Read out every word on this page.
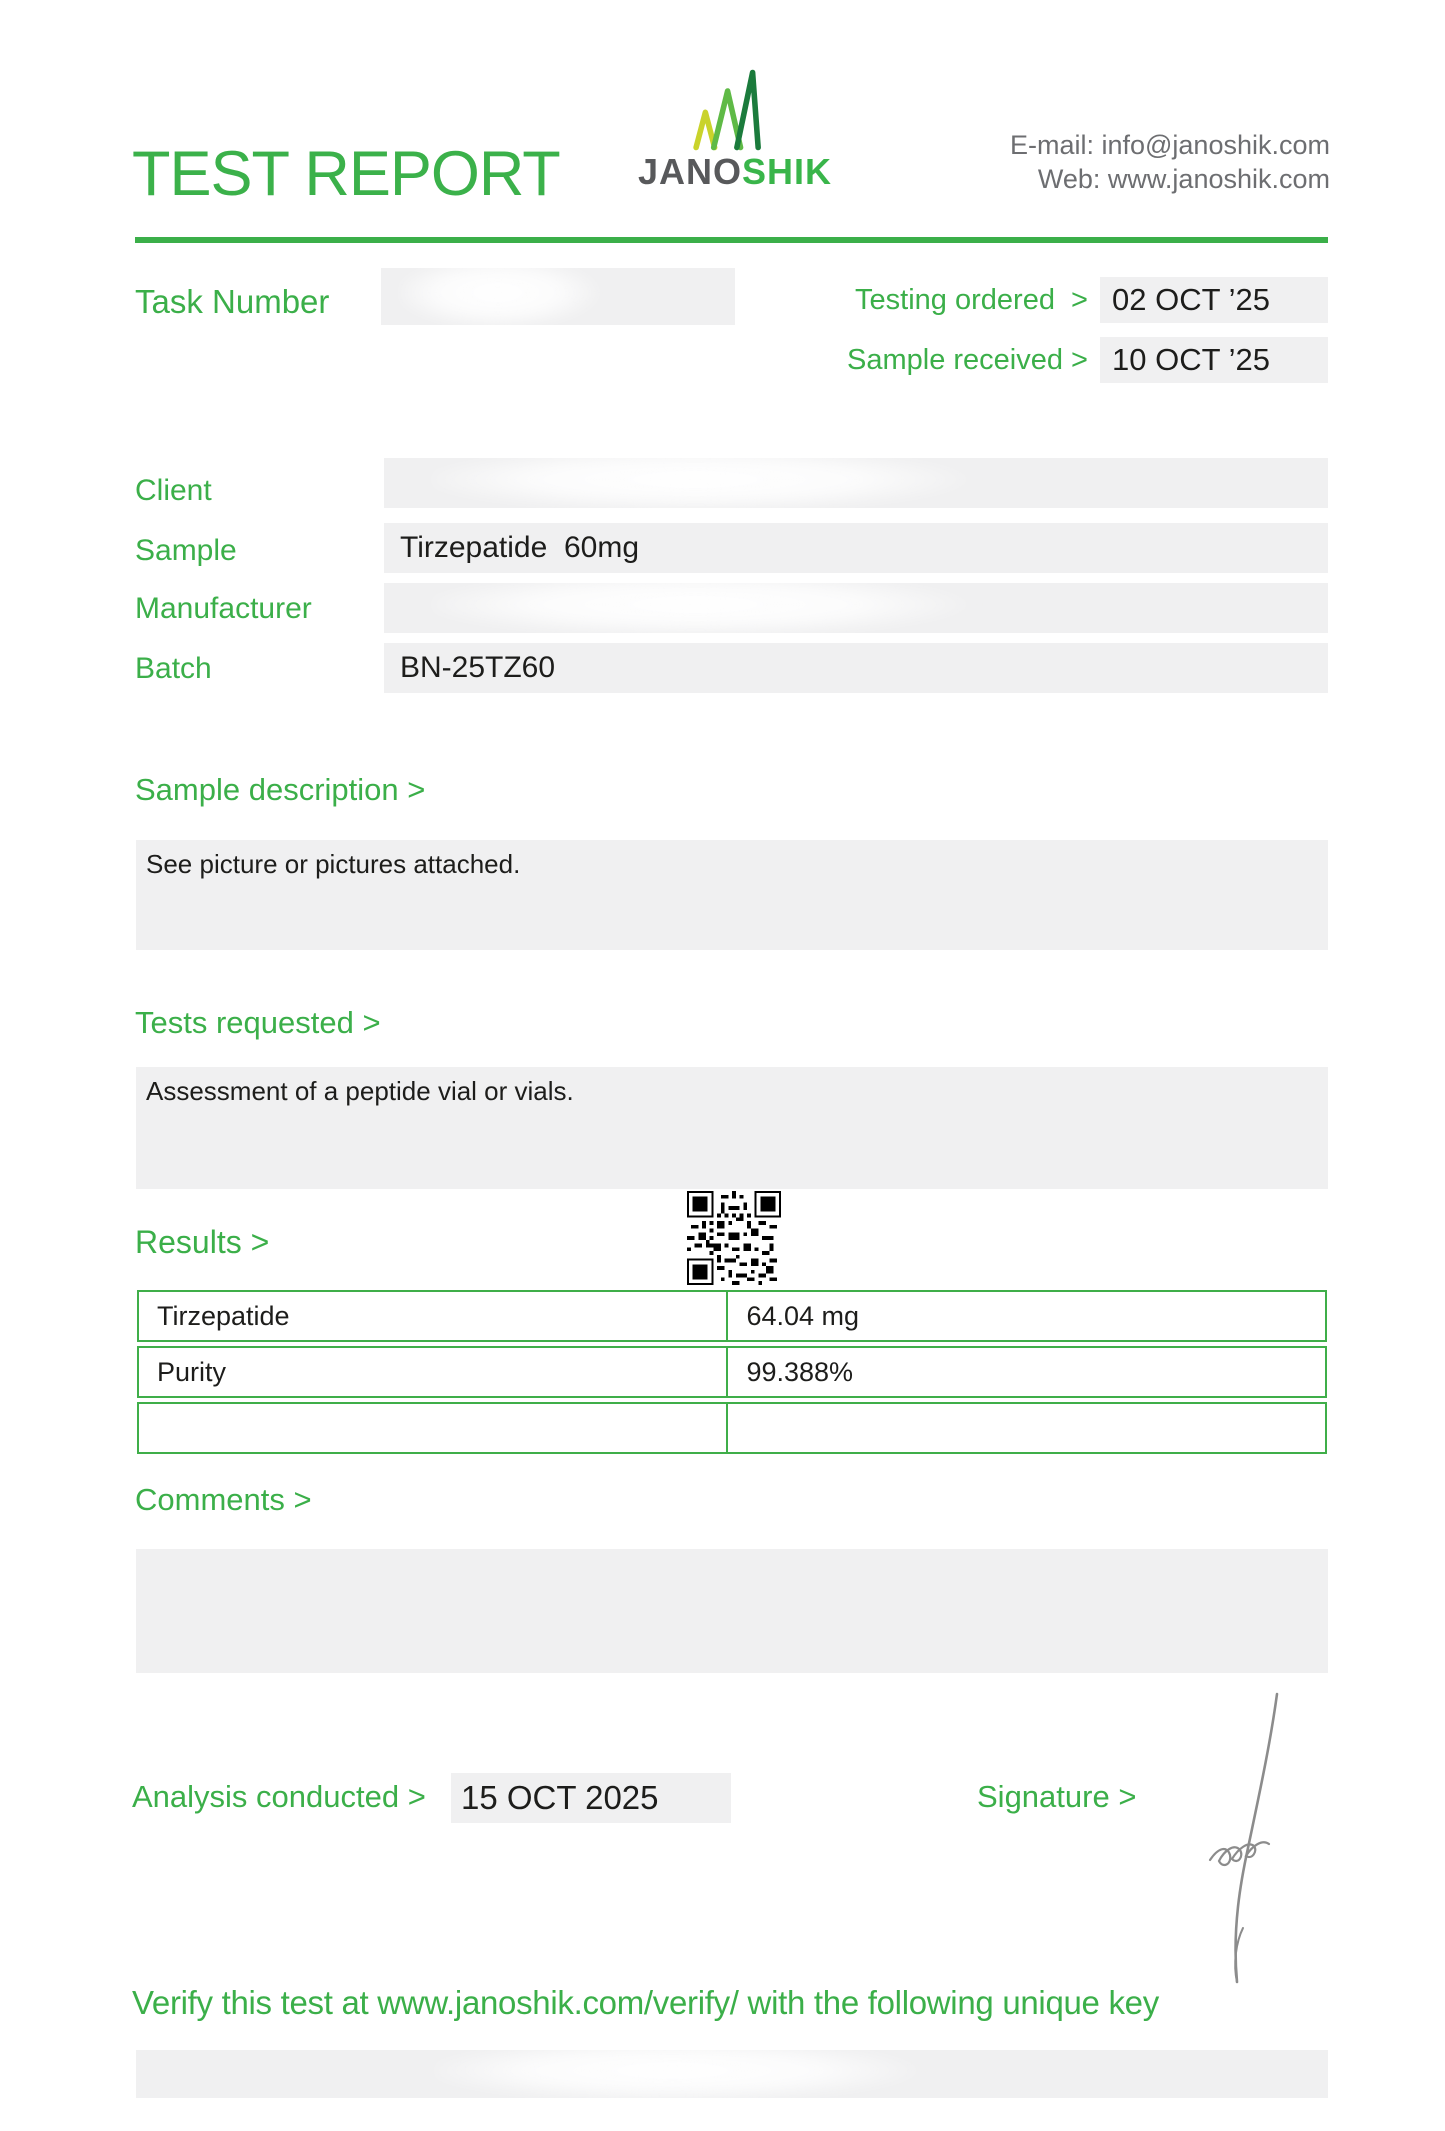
TEST REPORT	JANOSHIK
E-mail: info@janoshik.com
Web: www.janoshik.com
Task Number	Testing ordered  > 02 OCT ’25
Sample received > 10 OCT ’25
Client
Sample	Tirzepatide  60mg
Manufacturer
Batch	BN-25TZ60
Sample description >
See picture or pictures attached.
Tests requested >
Assessment of a peptide vial or vials.
Results >
Tirzepatide	64.04 mg
Purity	99.388%
Comments >
Analysis conducted >	15 OCT 2025	Signature >
Verify this test at www.janoshik.com/verify/ with the following unique key
